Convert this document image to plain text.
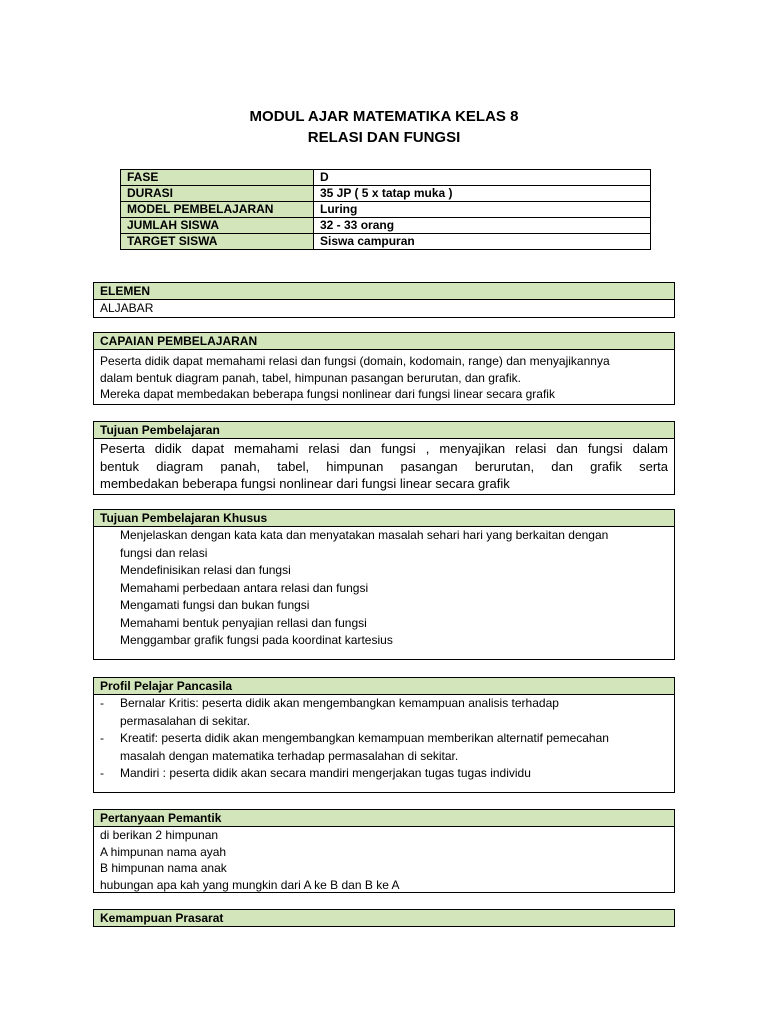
MODUL AJAR MATEMATIKA KELAS 8
RELASI DAN FUNGSI
FASE	D
DURASI	35 JP ( 5 x tatap muka )
MODEL PEMBELAJARAN	Luring
JUMLAH SISWA	32 - 33 orang
TARGET SISWA	Siswa campuran
ELEMEN
ALJABAR
CAPAIAN PEMBELAJARAN

Peserta didik dapat memahami relasi dan fungsi (domain, kodomain, range) dan menyajikannya

dalam bentuk diagram panah, tabel, himpunan pasangan berurutan, dan grafik.

Mereka dapat membedakan beberapa fungsi nonlinear dari fungsi linear secara grafik

Tujuan Pembelajaran

Peserta didik dapat memahami relasi dan fungsi , menyajikan relasi dan fungsi dalam

bentuk diagram panah, tabel, himpunan pasangan berurutan, dan grafik serta

membedakan beberapa fungsi nonlinear dari fungsi linear secara grafik

Tujuan Pembelajaran Khusus

Menjelaskan dengan kata kata dan menyatakan masalah sehari hari yang berkaitan dengan

fungsi dan relasi

Mendefinisikan relasi dan fungsi

Memahami perbedaan antara relasi dan fungsi

Mengamati fungsi dan bukan fungsi

Memahami bentuk penyajian rellasi dan fungsi

Menggambar grafik fungsi pada koordinat kartesius

Profil Pelajar Pancasila
-	Bernalar Kritis: peserta didik akan mengembangkan kemampuan analisis terhadap

permasalahan di sekitar.

-	Kreatif: peserta didik akan mengembangkan kemampuan memberikan alternatif pemecahan

masalah dengan matematika terhadap permasalahan di sekitar.

-	Mandiri : peserta didik akan secara mandiri mengerjakan tugas tugas individu

Pertanyaan Pemantik

di berikan 2 himpunan

A himpunan nama ayah

B himpunan nama anak

hubungan apa kah yang mungkin dari A ke B dan B ke A

Kemampuan Prasarat
